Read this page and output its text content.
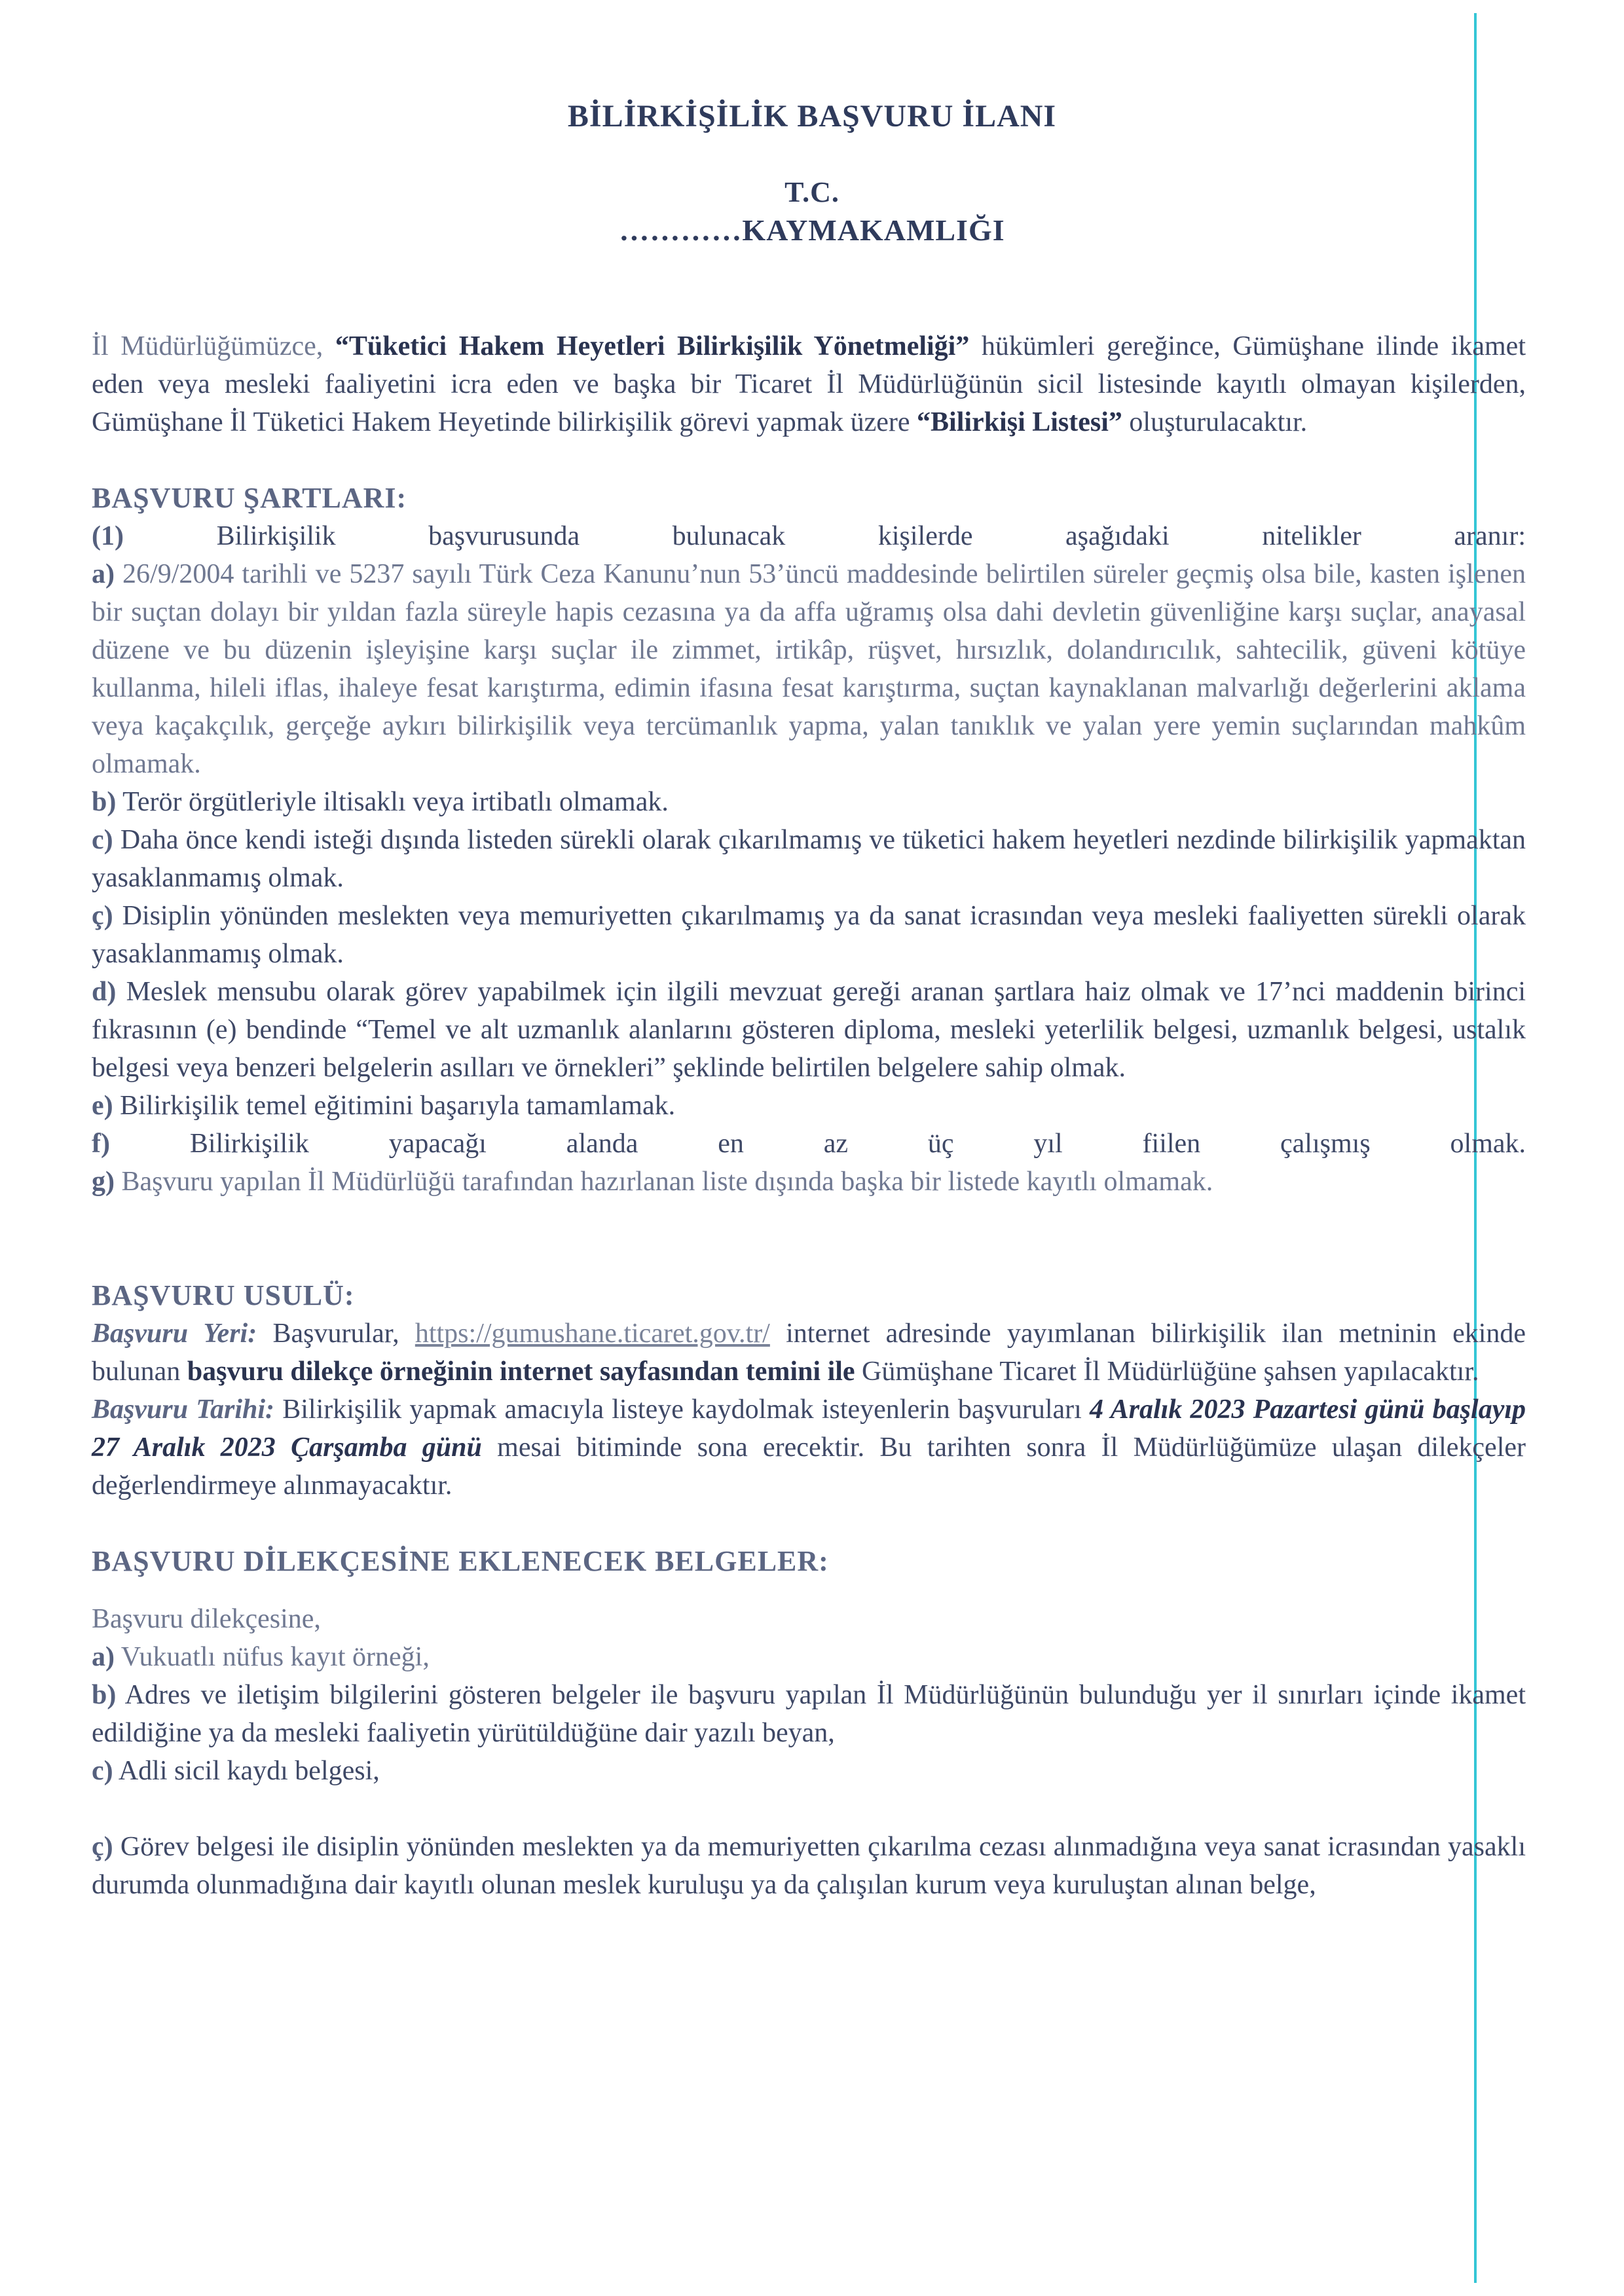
BİLİRKİŞİLİK BAŞVURU İLANI
T.C.
…………KAYMAKAMLIĞI

İl Müdürlüğümüzce, “Tüketici Hakem Heyetleri Bilirkişilik Yönetmeliği” hükümleri gereğince, Gümüşhane ilinde ikamet eden veya mesleki faaliyetini icra eden ve başka bir Ticaret İl Müdürlüğünün sicil listesinde kayıtlı olmayan kişilerden, Gümüşhane İl Tüketici Hakem Heyetinde bilirkişilik görevi yapmak üzere “Bilirkişi Listesi” oluşturulacaktır.

BAŞVURU ŞARTLARI:

(1)	Bilirkişilik başvurusunda bulunacak kişilerde aşağıdaki nitelikler aranır:

a) 26/9/2004 tarihli ve 5237 sayılı Türk Ceza Kanunu’nun 53’üncü maddesinde belirtilen süreler geçmiş olsa bile, kasten işlenen bir suçtan dolayı bir yıldan fazla süreyle hapis cezasına ya da affa uğramış olsa dahi devletin güvenliğine karşı suçlar, anayasal düzene ve bu düzenin işleyişine karşı suçlar ile zimmet, irtikâp, rüşvet, hırsızlık, dolandırıcılık, sahtecilik, güveni kötüye kullanma, hileli iflas, ihaleye fesat karıştırma, edimin ifasına fesat karıştırma, suçtan kaynaklanan malvarlığı değerlerini aklama veya kaçakçılık, gerçeğe aykırı bilirkişilik veya tercümanlık yapma, yalan tanıklık ve yalan yere yemin suçlarından mahkûm olmamak.

b) Terör örgütleriyle iltisaklı veya irtibatlı olmamak.

c) Daha önce kendi isteği dışında listeden sürekli olarak çıkarılmamış ve tüketici hakem heyetleri nezdinde bilirkişilik yapmaktan yasaklanmamış olmak.

ç) Disiplin yönünden meslekten veya memuriyetten çıkarılmamış ya da sanat icrasından veya mesleki faaliyetten sürekli olarak yasaklanmamış olmak.

d) Meslek mensubu olarak görev yapabilmek için ilgili mevzuat gereği aranan şartlara haiz olmak ve 17’nci maddenin birinci fıkrasının (e) bendinde “Temel ve alt uzmanlık alanlarını gösteren diploma, mesleki yeterlilik belgesi, uzmanlık belgesi, ustalık belgesi veya benzeri belgelerin asılları ve örnekleri” şeklinde belirtilen belgelere sahip olmak.

e) Bilirkişilik temel eğitimini başarıyla tamamlamak.

f)	Bilirkişilik yapacağı alanda en az üç yıl fiilen çalışmış olmak.

g) Başvuru yapılan İl Müdürlüğü tarafından hazırlanan liste dışında başka bir listede kayıtlı olmamak.

BAŞVURU USULÜ:

Başvuru Yeri: Başvurular, https://gumushane.ticaret.gov.tr/ internet adresinde yayımlanan bilirkişilik ilan metninin ekinde bulunan başvuru dilekçe örneğinin internet sayfasından temini ile Gümüşhane Ticaret İl Müdürlüğüne şahsen yapılacaktır.

Başvuru Tarihi: Bilirkişilik yapmak amacıyla listeye kaydolmak isteyenlerin başvuruları 4 Aralık 2023 Pazartesi günü başlayıp 27 Aralık 2023 Çarşamba günü mesai bitiminde sona erecektir. Bu tarihten sonra İl Müdürlüğümüze ulaşan dilekçeler değerlendirmeye alınmayacaktır.

BAŞVURU DİLEKÇESİNE EKLENECEK BELGELER:

Başvuru dilekçesine,

a) Vukuatlı nüfus kayıt örneği,

b) Adres ve iletişim bilgilerini gösteren belgeler ile başvuru yapılan İl Müdürlüğünün bulunduğu yer il sınırları içinde ikamet edildiğine ya da mesleki faaliyetin yürütüldüğüne dair yazılı beyan,

c) Adli sicil kaydı belgesi,

ç) Görev belgesi ile disiplin yönünden meslekten ya da memuriyetten çıkarılma cezası alınmadığına veya sanat icrasından yasaklı durumda olunmadığına dair kayıtlı olunan meslek kuruluşu ya da çalışılan kurum veya kuruluştan alınan belge,
